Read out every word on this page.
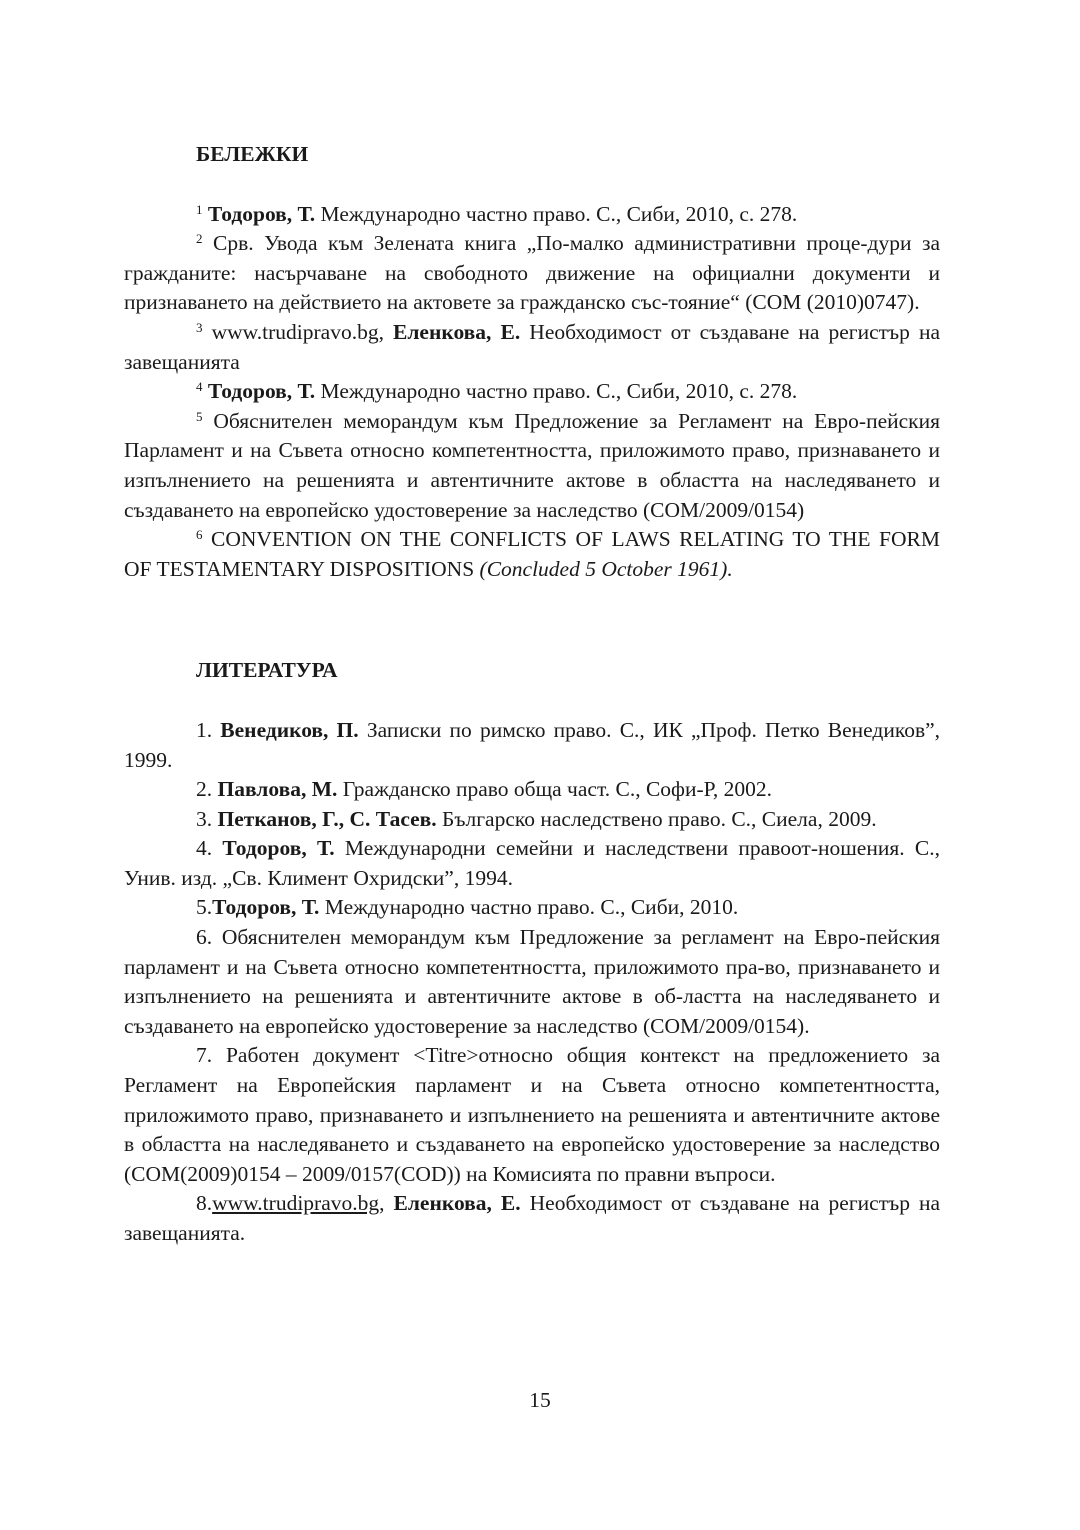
БЕЛЕЖКИ

$^1$ Тодоров, Т. Международно частно право. С., Сиби, 2010, с. 278.

$^2$ Срв. Увода към Зелената книга „По-малко административни проце-дури за гражданите: насърчаване на свободното движение на официални документи и признаването на действието на актовете за гражданско със-тояние“ (COM (2010)0747).

$^3$ www.trudipravo.bg, Еленкова, Е. Необходимост от създаване на регистър на завещанията

$^4$ Тодоров, Т. Международно частно право. С., Сиби, 2010, с. 278.

$^5$ Обяснителен меморандум към Предложение за Регламент на Евро-пейския Парламент и на Съвета относно компетентността, приложимото право, признаването и изпълнението на решенията и автентичните актове в областта на наследяването и създаването на европейско удостоверение за наследство (COM/2009/0154)

$^6$ CONVENTION ON THE CONFLICTS OF LAWS RELATING TO THE FORM OF TESTAMENTARY DISPOSITIONS (Concluded 5 October 1961).

ЛИТЕРАТУРА

1. Венедиков, П. Записки по римско право. С., ИК „Проф. Петко Венедиков”, 1999.

2. Павлова, М. Гражданско право обща част. С., Софи-Р, 2002.

3. Петканов, Г., С. Тасев. Българско наследствено право. С., Сиела, 2009.

4. Тодоров, Т. Международни семейни и наследствени правоот-ношения. С., Унив. изд. „Св. Климент Охридски”, 1994.

5.Тодоров, Т. Международно частно право. С., Сиби, 2010.

6. Обяснителен меморандум към Предложение за регламент на Евро-пейския парламент и на Съвета относно компетентността, приложимото пра-во, признаването и изпълнението на решенията и автентичните актове в об-ластта на наследяването и създаването на европейско удостоверение за наследство (COM/2009/0154).

7. Работен документ <Titre>относно общия контекст на предложението за Регламент на Европейския парламент и на Съвета относно компетентността, приложимото право, признаването и изпълнението на решенията и автентичните актове в областта на наследяването и създаването на европейско удостоверение за наследство (COM(2009)0154 – 2009/0157(COD)) на Комисията по правни въпроси.

8.www.trudipravo.bg, Еленкова, Е. Необходимост от създаване на регистър на завещанията.

15
